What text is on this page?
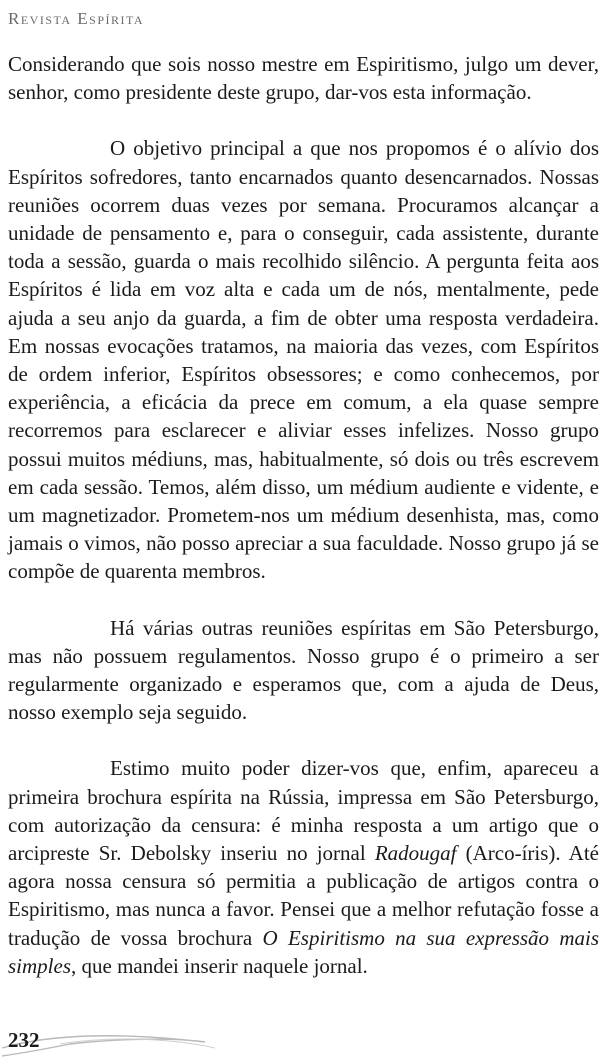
Revista Espírita

Considerando que sois nosso mestre em Espiritismo, julgo um dever, senhor, como presidente deste grupo, dar-vos esta informação.

O objetivo principal a que nos propomos é o alívio dos Espíritos sofredores, tanto encarnados quanto desencarnados. Nossas reuniões ocorrem duas vezes por semana. Procuramos alcançar a unidade de pensamento e, para o conseguir, cada assistente, durante toda a sessão, guarda o mais recolhido silêncio. A pergunta feita aos Espíritos é lida em voz alta e cada um de nós, mentalmente, pede ajuda a seu anjo da guarda, a fim de obter uma resposta verdadeira. Em nossas evocações tratamos, na maioria das vezes, com Espíritos de ordem inferior, Espíritos obsessores; e como conhecemos, por experiência, a eficácia da prece em comum, a ela quase sempre recorremos para esclarecer e aliviar esses infelizes. Nosso grupo possui muitos médiuns, mas, habitualmente, só dois ou três escrevem em cada sessão. Temos, além disso, um médium audiente e vidente, e um magnetizador. Prometem-nos um médium desenhista, mas, como jamais o vimos, não posso apreciar a sua faculdade. Nosso grupo já se compõe de quarenta membros.

Há várias outras reuniões espíritas em São Petersburgo, mas não possuem regulamentos. Nosso grupo é o primeiro a ser regularmente organizado e esperamos que, com a ajuda de Deus, nosso exemplo seja seguido.

Estimo muito poder dizer-vos que, enfim, apareceu a primeira brochura espírita na Rússia, impressa em São Petersburgo, com autorização da censura: é minha resposta a um artigo que o arcipreste Sr. Debolsky inseriu no jornal Radougaf (Arco-íris). Até agora nossa censura só permitia a publicação de artigos contra o Espiritismo, mas nunca a favor. Pensei que a melhor refutação fosse a tradução de vossa brochura O Espiritismo na sua expressão mais simples, que mandei inserir naquele jornal.

232
